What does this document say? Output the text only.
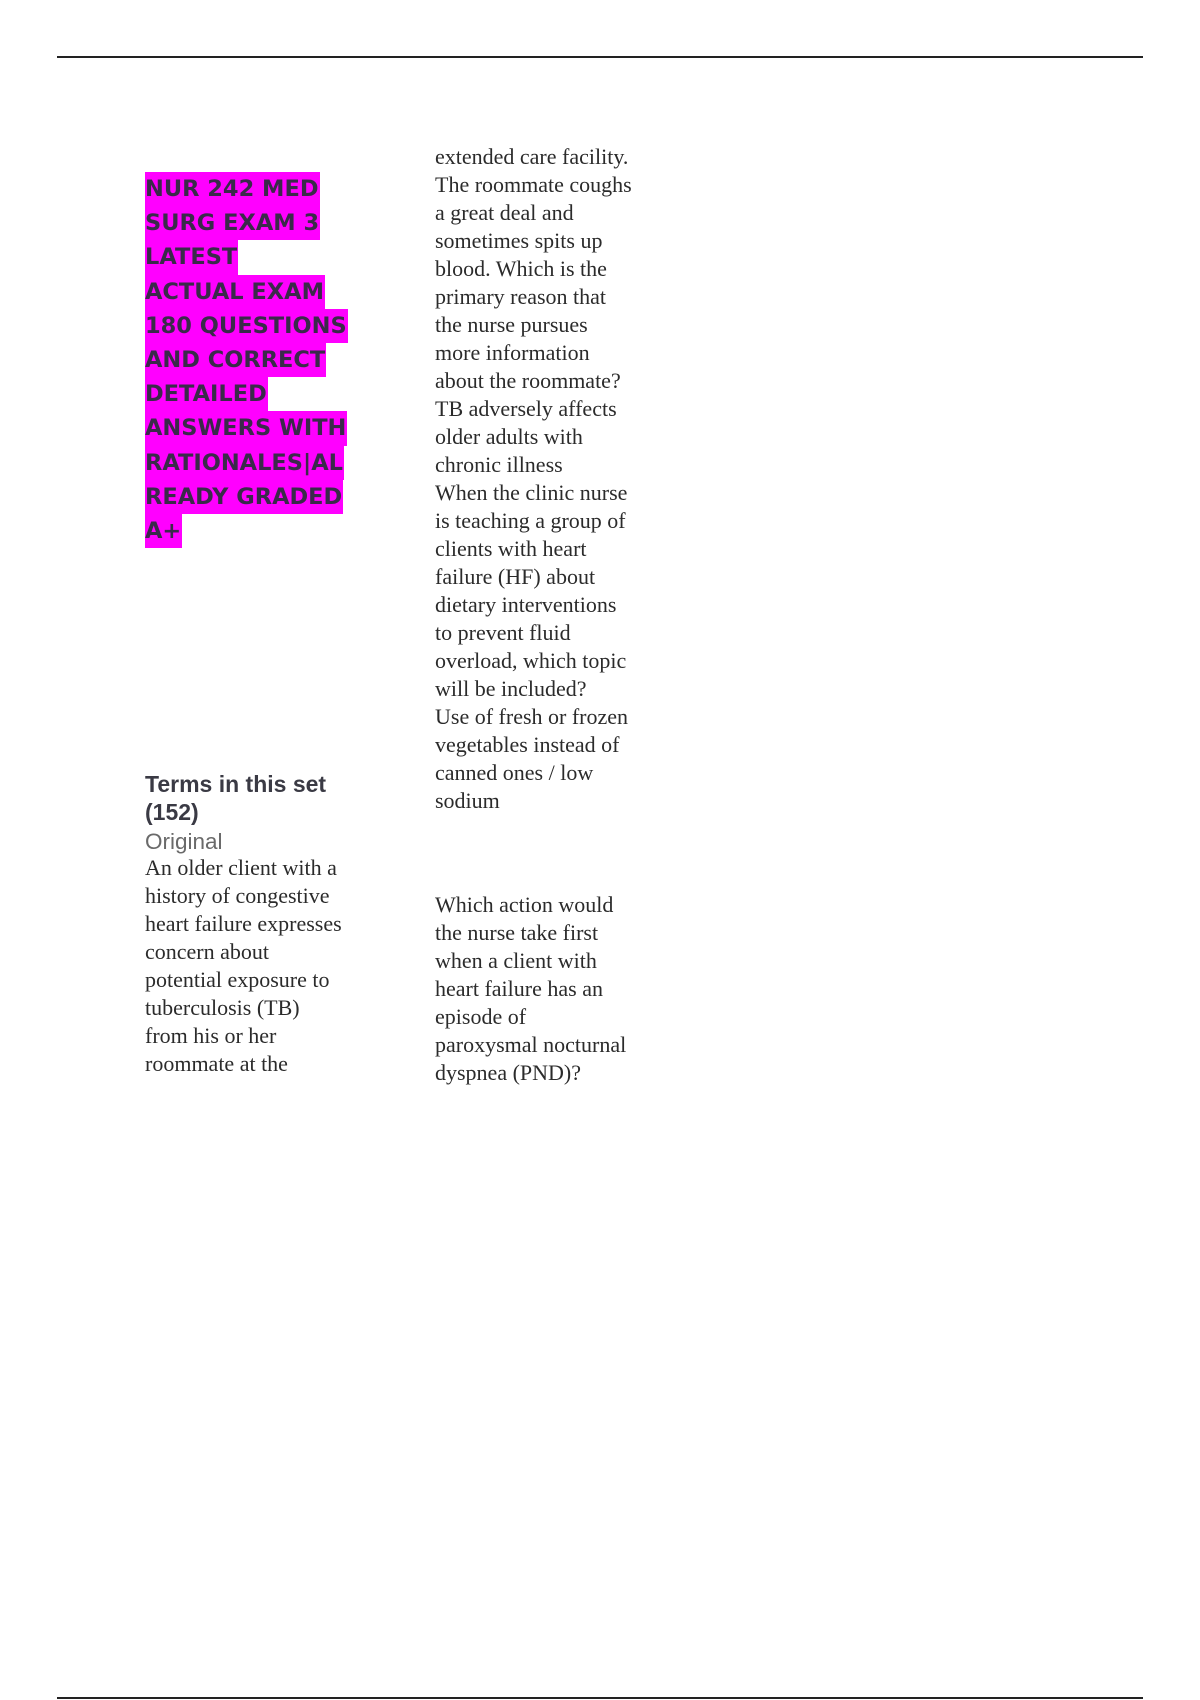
NUR 242 MED
SURG EXAM 3
LATEST
ACTUAL EXAM
180 QUESTIONS
AND CORRECT
DETAILED
ANSWERS WITH
RATIONALES|AL
READY GRADED
A+
Terms in this set (152)
Original

An older client with a
history of congestive
heart failure expresses
concern about
potential exposure to
tuberculosis (TB)
from his or her
roommate at the

extended care facility.
The roommate coughs
a great deal and
sometimes spits up
blood. Which is the
primary reason that
the nurse pursues
more information
about the roommate?

TB adversely affects
older adults with
chronic illness

When the clinic nurse
is teaching a group of
clients with heart
failure (HF) about
dietary interventions
to prevent fluid
overload, which topic
will be included?

Use of fresh or frozen
vegetables instead of
canned ones / low
sodium

Which action would
the nurse take first
when a client with
heart failure has an
episode of
paroxysmal nocturnal
dyspnea (PND)?
